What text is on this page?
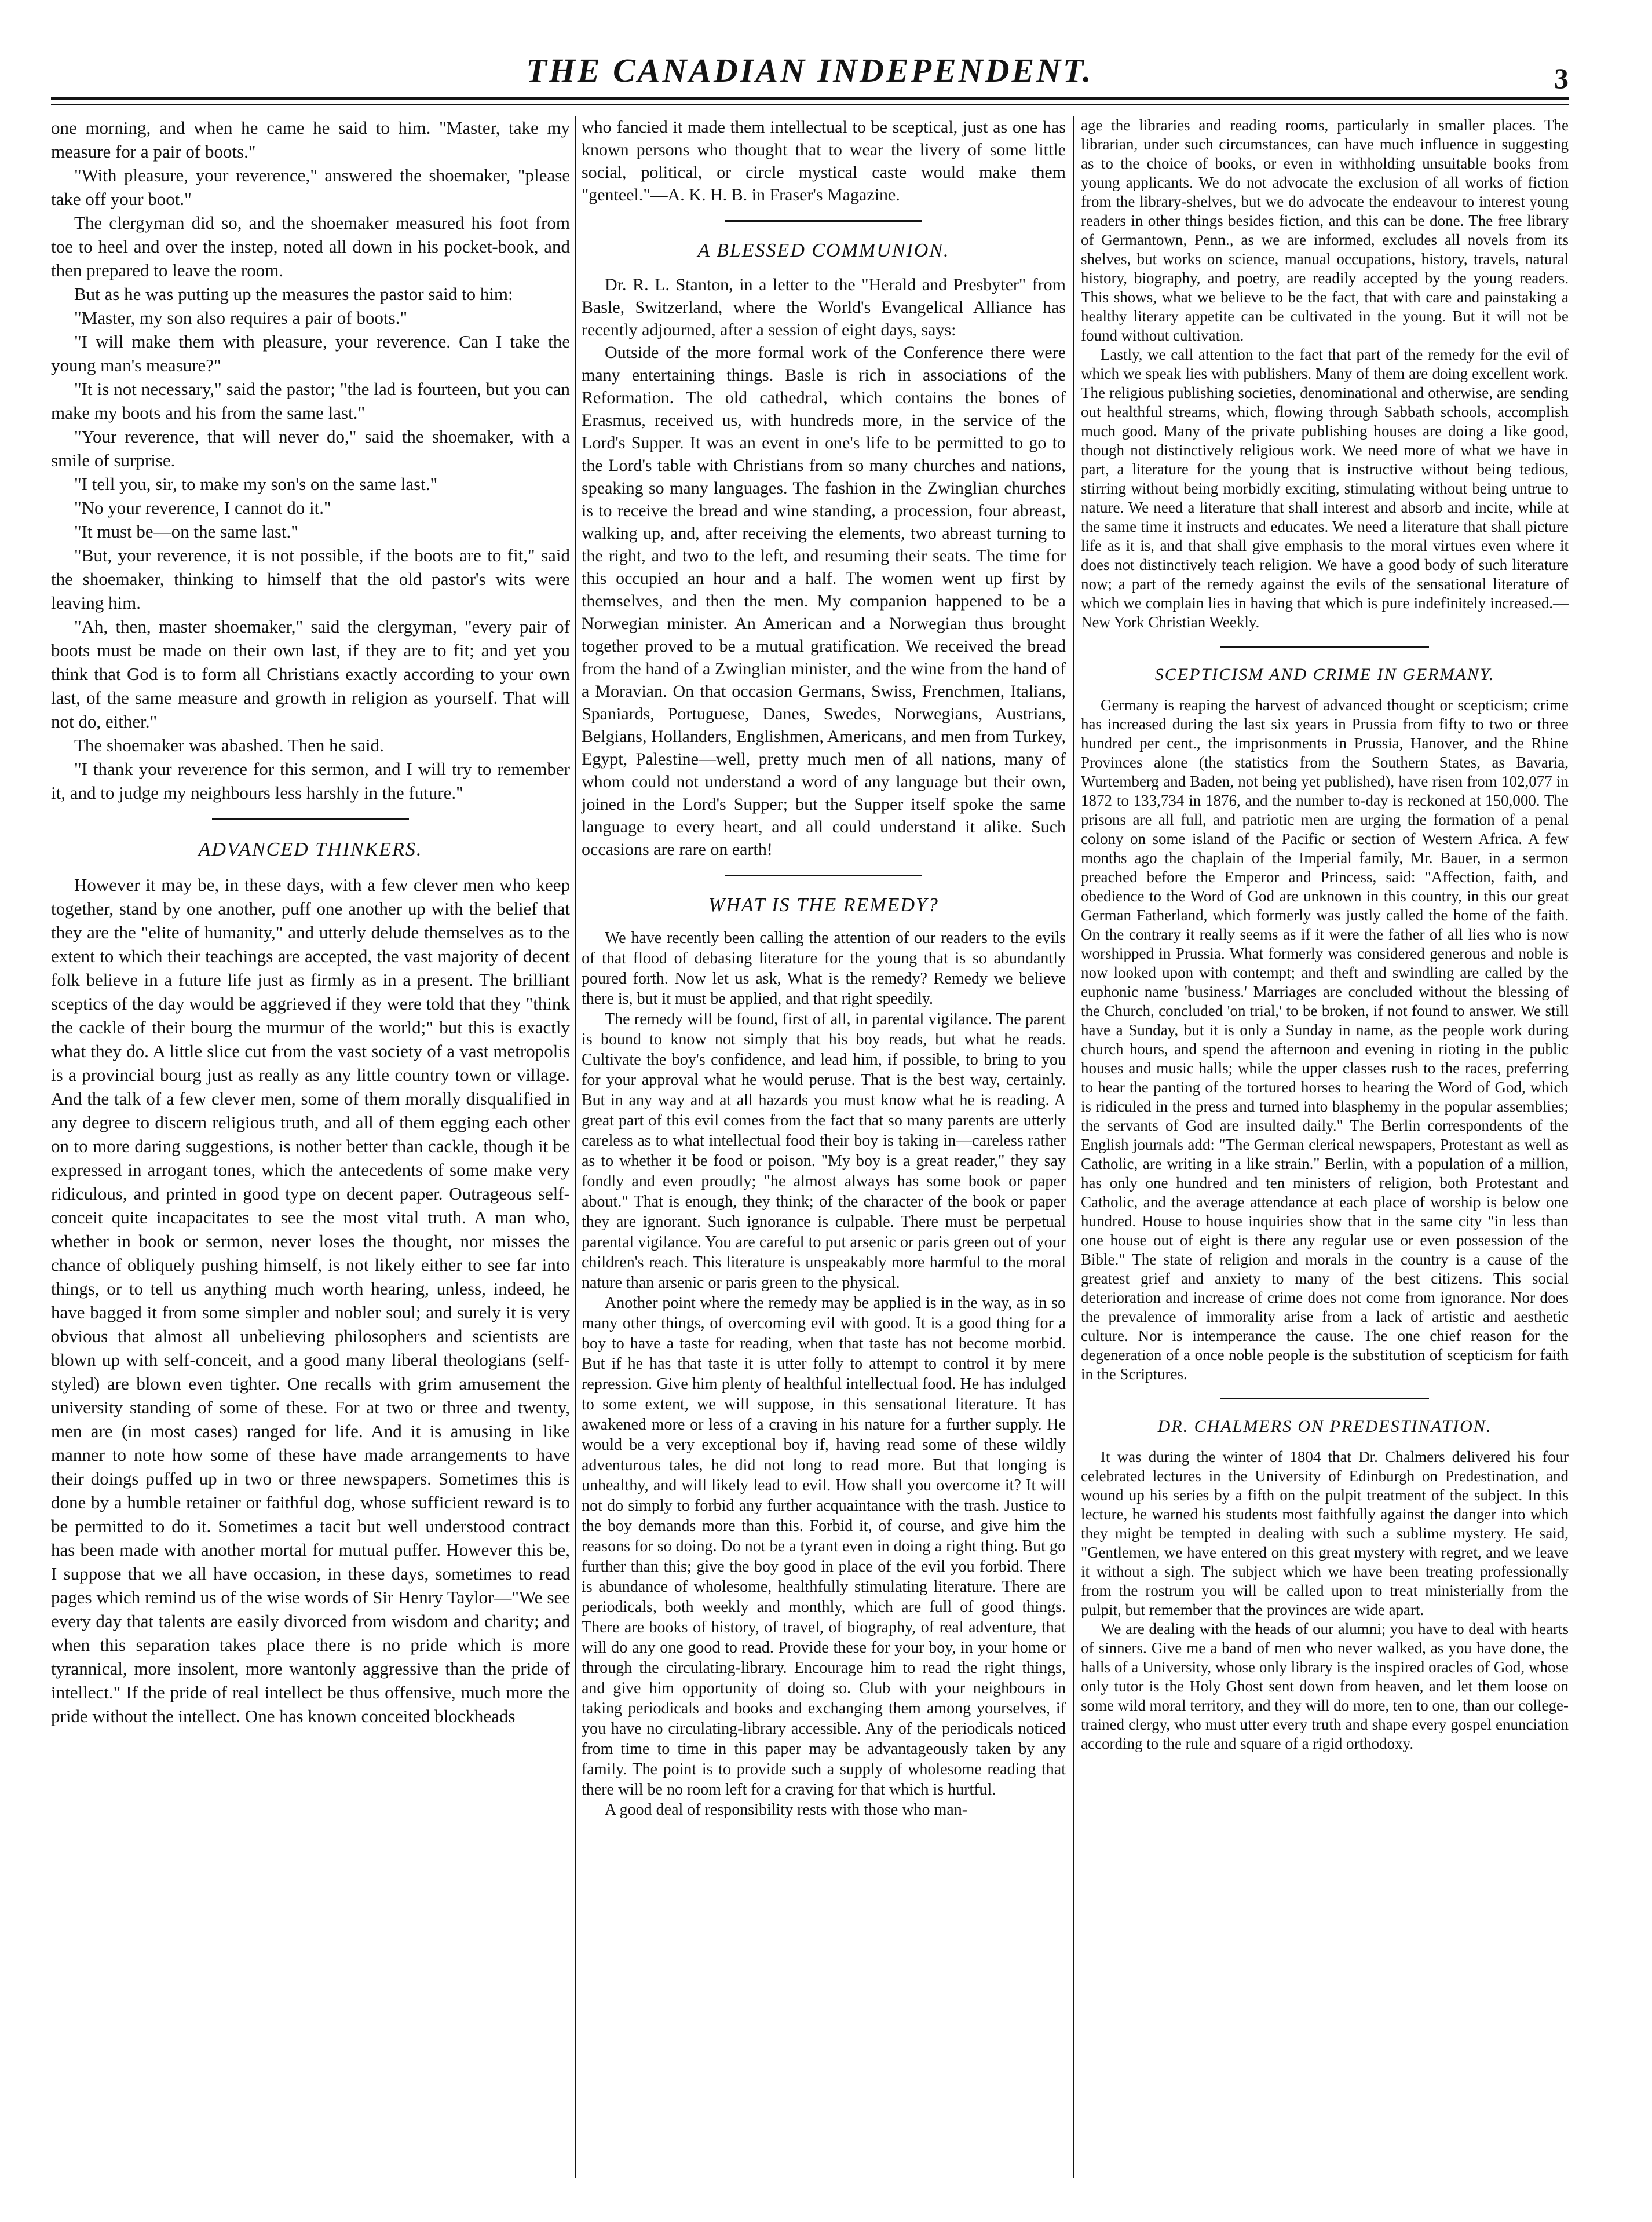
THE CANADIAN INDEPENDENT.	3

one morning, and when he came he said to him. "Master, take my measure for a pair of boots."

"With pleasure, your reverence," answered the shoemaker, "please take off your boot."

The clergyman did so, and the shoemaker measured his foot from toe to heel and over the instep, noted all down in his pocket-book, and then prepared to leave the room.

But as he was putting up the measures the pastor said to him:

"Master, my son also requires a pair of boots."

"I will make them with pleasure, your reverence. Can I take the young man's measure?"

"It is not necessary," said the pastor; "the lad is fourteen, but you can make my boots and his from the same last."

"Your reverence, that will never do," said the shoemaker, with a smile of surprise.

"I tell you, sir, to make my son's on the same last."

"No your reverence, I cannot do it."

"It must be—on the same last."

"But, your reverence, it is not possible, if the boots are to fit," said the shoemaker, thinking to himself that the old pastor's wits were leaving him.

"Ah, then, master shoemaker," said the clergyman, "every pair of boots must be made on their own last, if they are to fit; and yet you think that God is to form all Christians exactly according to your own last, of the same measure and growth in religion as yourself. That will not do, either."

The shoemaker was abashed. Then he said.

"I thank your reverence for this sermon, and I will try to remember it, and to judge my neighbours less harshly in the future."

ADVANCED THINKERS.

However it may be, in these days, with a few clever men who keep together, stand by one another, puff one another up with the belief that they are the "elite of humanity," and utterly delude themselves as to the extent to which their teachings are accepted, the vast majority of decent folk believe in a future life just as firmly as in a present. The brilliant sceptics of the day would be aggrieved if they were told that they "think the cackle of their bourg the murmur of the world;" but this is exactly what they do. A little slice cut from the vast society of a vast metropolis is a provincial bourg just as really as any little country town or village. And the talk of a few clever men, some of them morally disqualified in any degree to discern religious truth, and all of them egging each other on to more daring suggestions, is nother better than cackle, though it be expressed in arrogant tones, which the antecedents of some make very ridiculous, and printed in good type on decent paper. Outrageous self-conceit quite incapacitates to see the most vital truth. A man who, whether in book or sermon, never loses the thought, nor misses the chance of obliquely pushing himself, is not likely either to see far into things, or to tell us anything much worth hearing, unless, indeed, he have bagged it from some simpler and nobler soul; and surely it is very obvious that almost all unbelieving philosophers and scientists are blown up with self-conceit, and a good many liberal theologians (self-styled) are blown even tighter. One recalls with grim amusement the university standing of some of these. For at two or three and twenty, men are (in most cases) ranged for life. And it is amusing in like manner to note how some of these have made arrangements to have their doings puffed up in two or three newspapers. Sometimes this is done by a humble retainer or faithful dog, whose sufficient reward is to be permitted to do it. Sometimes a tacit but well understood contract has been made with another mortal for mutual puffer. However this be, I suppose that we all have occasion, in these days, sometimes to read pages which remind us of the wise words of Sir Henry Taylor—"We see every day that talents are easily divorced from wisdom and charity; and when this separation takes place there is no pride which is more tyrannical, more insolent, more wantonly aggressive than the pride of intellect." If the pride of real intellect be thus offensive, much more the pride without the intellect. One has known conceited blockheads

who fancied it made them intellectual to be sceptical, just as one has known persons who thought that to wear the livery of some little social, political, or circle mystical caste would make them "genteel."—A. K. H. B. in Fraser's Magazine.

A BLESSED COMMUNION.

Dr. R. L. Stanton, in a letter to the "Herald and Presbyter" from Basle, Switzerland, where the World's Evangelical Alliance has recently adjourned, after a session of eight days, says:

Outside of the more formal work of the Conference there were many entertaining things. Basle is rich in associations of the Reformation. The old cathedral, which contains the bones of Erasmus, received us, with hundreds more, in the service of the Lord's Supper. It was an event in one's life to be permitted to go to the Lord's table with Christians from so many churches and nations, speaking so many languages. The fashion in the Zwinglian churches is to receive the bread and wine standing, a procession, four abreast, walking up, and, after receiving the elements, two abreast turning to the right, and two to the left, and resuming their seats. The time for this occupied an hour and a half. The women went up first by themselves, and then the men. My companion happened to be a Norwegian minister. An American and a Norwegian thus brought together proved to be a mutual gratification. We received the bread from the hand of a Zwinglian minister, and the wine from the hand of a Moravian. On that occasion Germans, Swiss, Frenchmen, Italians, Spaniards, Portuguese, Danes, Swedes, Norwegians, Austrians, Belgians, Hollanders, Englishmen, Americans, and men from Turkey, Egypt, Palestine—well, pretty much men of all nations, many of whom could not understand a word of any language but their own, joined in the Lord's Supper; but the Supper itself spoke the same language to every heart, and all could understand it alike. Such occasions are rare on earth!

WHAT IS THE REMEDY?

We have recently been calling the attention of our readers to the evils of that flood of debasing literature for the young that is so abundantly poured forth. Now let us ask, What is the remedy? Remedy we believe there is, but it must be applied, and that right speedily.

The remedy will be found, first of all, in parental vigilance. The parent is bound to know not simply that his boy reads, but what he reads. Cultivate the boy's confidence, and lead him, if possible, to bring to you for your approval what he would peruse. That is the best way, certainly. But in any way and at all hazards you must know what he is reading. A great part of this evil comes from the fact that so many parents are utterly careless as to what intellectual food their boy is taking in—careless rather as to whether it be food or poison. "My boy is a great reader," they say fondly and even proudly; "he almost always has some book or paper about." That is enough, they think; of the character of the book or paper they are ignorant. Such ignorance is culpable. There must be perpetual parental vigilance. You are careful to put arsenic or paris green out of your children's reach. This literature is unspeakably more harmful to the moral nature than arsenic or paris green to the physical.

Another point where the remedy may be applied is in the way, as in so many other things, of overcoming evil with good. It is a good thing for a boy to have a taste for reading, when that taste has not become morbid. But if he has that taste it is utter folly to attempt to control it by mere repression. Give him plenty of healthful intellectual food. He has indulged to some extent, we will suppose, in this sensational literature. It has awakened more or less of a craving in his nature for a further supply. He would be a very exceptional boy if, having read some of these wildly adventurous tales, he did not long to read more. But that longing is unhealthy, and will likely lead to evil. How shall you overcome it? It will not do simply to forbid any further acquaintance with the trash. Justice to the boy demands more than this. Forbid it, of course, and give him the reasons for so doing. Do not be a tyrant even in doing a right thing. But go further than this; give the boy good in place of the evil you forbid. There is abundance of wholesome, healthfully stimulating literature. There are periodicals, both weekly and monthly, which are full of good things. There are books of history, of travel, of biography, of real adventure, that will do any one good to read. Provide these for your boy, in your home or through the circulating-library. Encourage him to read the right things, and give him opportunity of doing so. Club with your neighbours in taking periodicals and books and exchanging them among yourselves, if you have no circulating-library accessible. Any of the periodicals noticed from time to time in this paper may be advantageously taken by any family. The point is to provide such a supply of wholesome reading that there will be no room left for a craving for that which is hurtful.

A good deal of responsibility rests with those who man-

age the libraries and reading rooms, particularly in smaller places. The librarian, under such circumstances, can have much influence in suggesting as to the choice of books, or even in withholding unsuitable books from young applicants. We do not advocate the exclusion of all works of fiction from the library-shelves, but we do advocate the endeavour to interest young readers in other things besides fiction, and this can be done. The free library of Germantown, Penn., as we are informed, excludes all novels from its shelves, but works on science, manual occupations, history, travels, natural history, biography, and poetry, are readily accepted by the young readers. This shows, what we believe to be the fact, that with care and painstaking a healthy literary appetite can be cultivated in the young. But it will not be found without cultivation.

Lastly, we call attention to the fact that part of the remedy for the evil of which we speak lies with publishers. Many of them are doing excellent work. The religious publishing societies, denominational and otherwise, are sending out healthful streams, which, flowing through Sabbath schools, accomplish much good. Many of the private publishing houses are doing a like good, though not distinctively religious work. We need more of what we have in part, a literature for the young that is instructive without being tedious, stirring without being morbidly exciting, stimulating without being untrue to nature. We need a literature that shall interest and absorb and incite, while at the same time it instructs and educates. We need a literature that shall picture life as it is, and that shall give emphasis to the moral virtues even where it does not distinctively teach religion. We have a good body of such literature now; a part of the remedy against the evils of the sensational literature of which we complain lies in having that which is pure indefinitely increased.—New York Christian Weekly.

SCEPTICISM AND CRIME IN GERMANY.

Germany is reaping the harvest of advanced thought or scepticism; crime has increased during the last six years in Prussia from fifty to two or three hundred per cent., the imprisonments in Prussia, Hanover, and the Rhine Provinces alone (the statistics from the Southern States, as Bavaria, Wurtemberg and Baden, not being yet published), have risen from 102,077 in 1872 to 133,734 in 1876, and the number to-day is reckoned at 150,000. The prisons are all full, and patriotic men are urging the formation of a penal colony on some island of the Pacific or section of Western Africa. A few months ago the chaplain of the Imperial family, Mr. Bauer, in a sermon preached before the Emperor and Princess, said: "Affection, faith, and obedience to the Word of God are unknown in this country, in this our great German Fatherland, which formerly was justly called the home of the faith. On the contrary it really seems as if it were the father of all lies who is now worshipped in Prussia. What formerly was considered generous and noble is now looked upon with contempt; and theft and swindling are called by the euphonic name 'business.' Marriages are concluded without the blessing of the Church, concluded 'on trial,' to be broken, if not found to answer. We still have a Sunday, but it is only a Sunday in name, as the people work during church hours, and spend the afternoon and evening in rioting in the public houses and music halls; while the upper classes rush to the races, preferring to hear the panting of the tortured horses to hearing the Word of God, which is ridiculed in the press and turned into blasphemy in the popular assemblies; the servants of God are insulted daily." The Berlin correspondents of the English journals add: "The German clerical newspapers, Protestant as well as Catholic, are writing in a like strain." Berlin, with a population of a million, has only one hundred and ten ministers of religion, both Protestant and Catholic, and the average attendance at each place of worship is below one hundred. House to house inquiries show that in the same city "in less than one house out of eight is there any regular use or even possession of the Bible." The state of religion and morals in the country is a cause of the greatest grief and anxiety to many of the best citizens. This social deterioration and increase of crime does not come from ignorance. Nor does the prevalence of immorality arise from a lack of artistic and aesthetic culture. Nor is intemperance the cause. The one chief reason for the degeneration of a once noble people is the substitution of scepticism for faith in the Scriptures.

DR. CHALMERS ON PREDESTINATION.

It was during the winter of 1804 that Dr. Chalmers delivered his four celebrated lectures in the University of Edinburgh on Predestination, and wound up his series by a fifth on the pulpit treatment of the subject. In this lecture, he warned his students most faithfully against the danger into which they might be tempted in dealing with such a sublime mystery. He said, "Gentlemen, we have entered on this great mystery with regret, and we leave it without a sigh. The subject which we have been treating professionally from the rostrum you will be called upon to treat ministerially from the pulpit, but remember that the provinces are wide apart.

We are dealing with the heads of our alumni; you have to deal with hearts of sinners. Give me a band of men who never walked, as you have done, the halls of a University, whose only library is the inspired oracles of God, whose only tutor is the Holy Ghost sent down from heaven, and let them loose on some wild moral territory, and they will do more, ten to one, than our college-trained clergy, who must utter every truth and shape every gospel enunciation according to the rule and square of a rigid orthodoxy.
